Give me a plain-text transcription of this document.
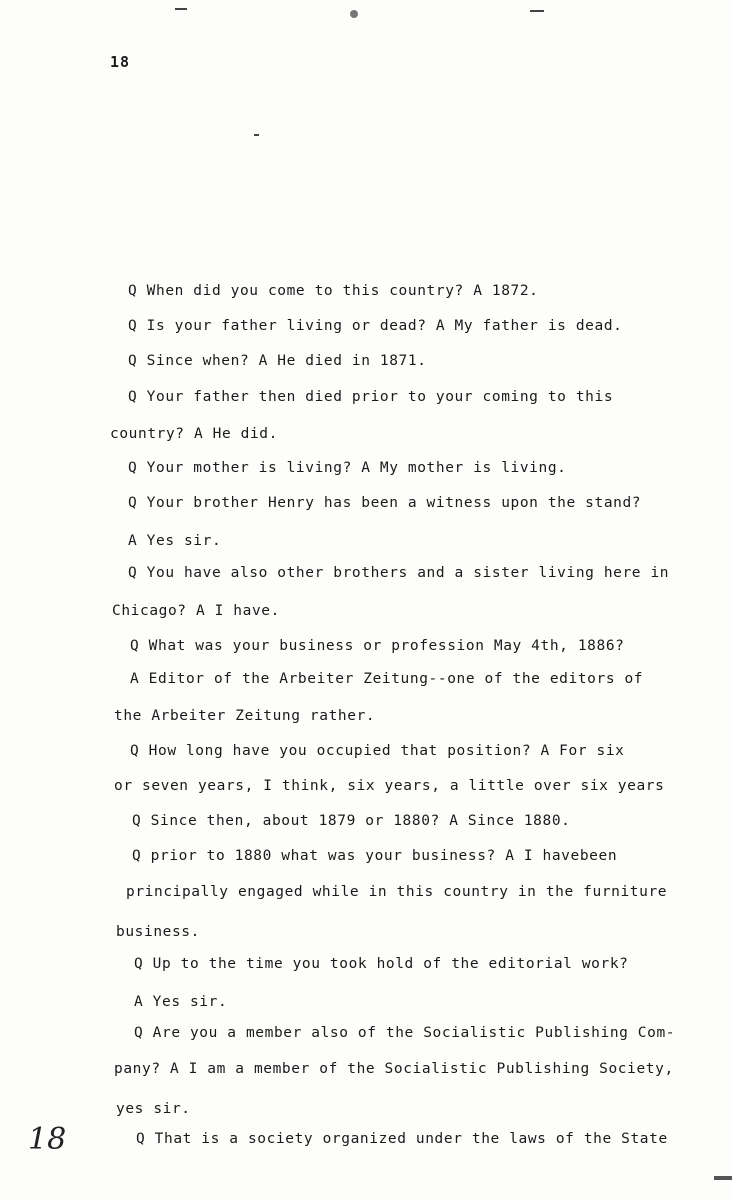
18
Q When did you come to this country? A 1872.
Q Is your father living or dead? A My father is dead.
Q Since when? A He died in 1871.
Q Your father then died prior to your coming to this
country? A He did.
Q Your mother is living? A My mother is living.
Q Your brother Henry has been a witness upon the stand?
A Yes sir.
Q You have also other brothers and a sister living here in
Chicago? A I have.
Q What was your business or profession May 4th, 1886?
A Editor of the Arbeiter Zeitung--one of the editors of
the Arbeiter Zeitung rather.
Q How long have you occupied that position? A For six
or seven years, I think, six years, a little over six years
Q Since then, about 1879 or 1880? A Since 1880.
Q prior to 1880 what was your business? A I havebeen
principally engaged while in this country in the furniture
business.
Q Up to the time you took hold of the editorial work?
A Yes sir.
Q Are you a member also of the Socialistic Publishing Com-
pany? A I am a member of the Socialistic Publishing Society,
yes sir.
Q That is a society organized under the laws of the State
18
